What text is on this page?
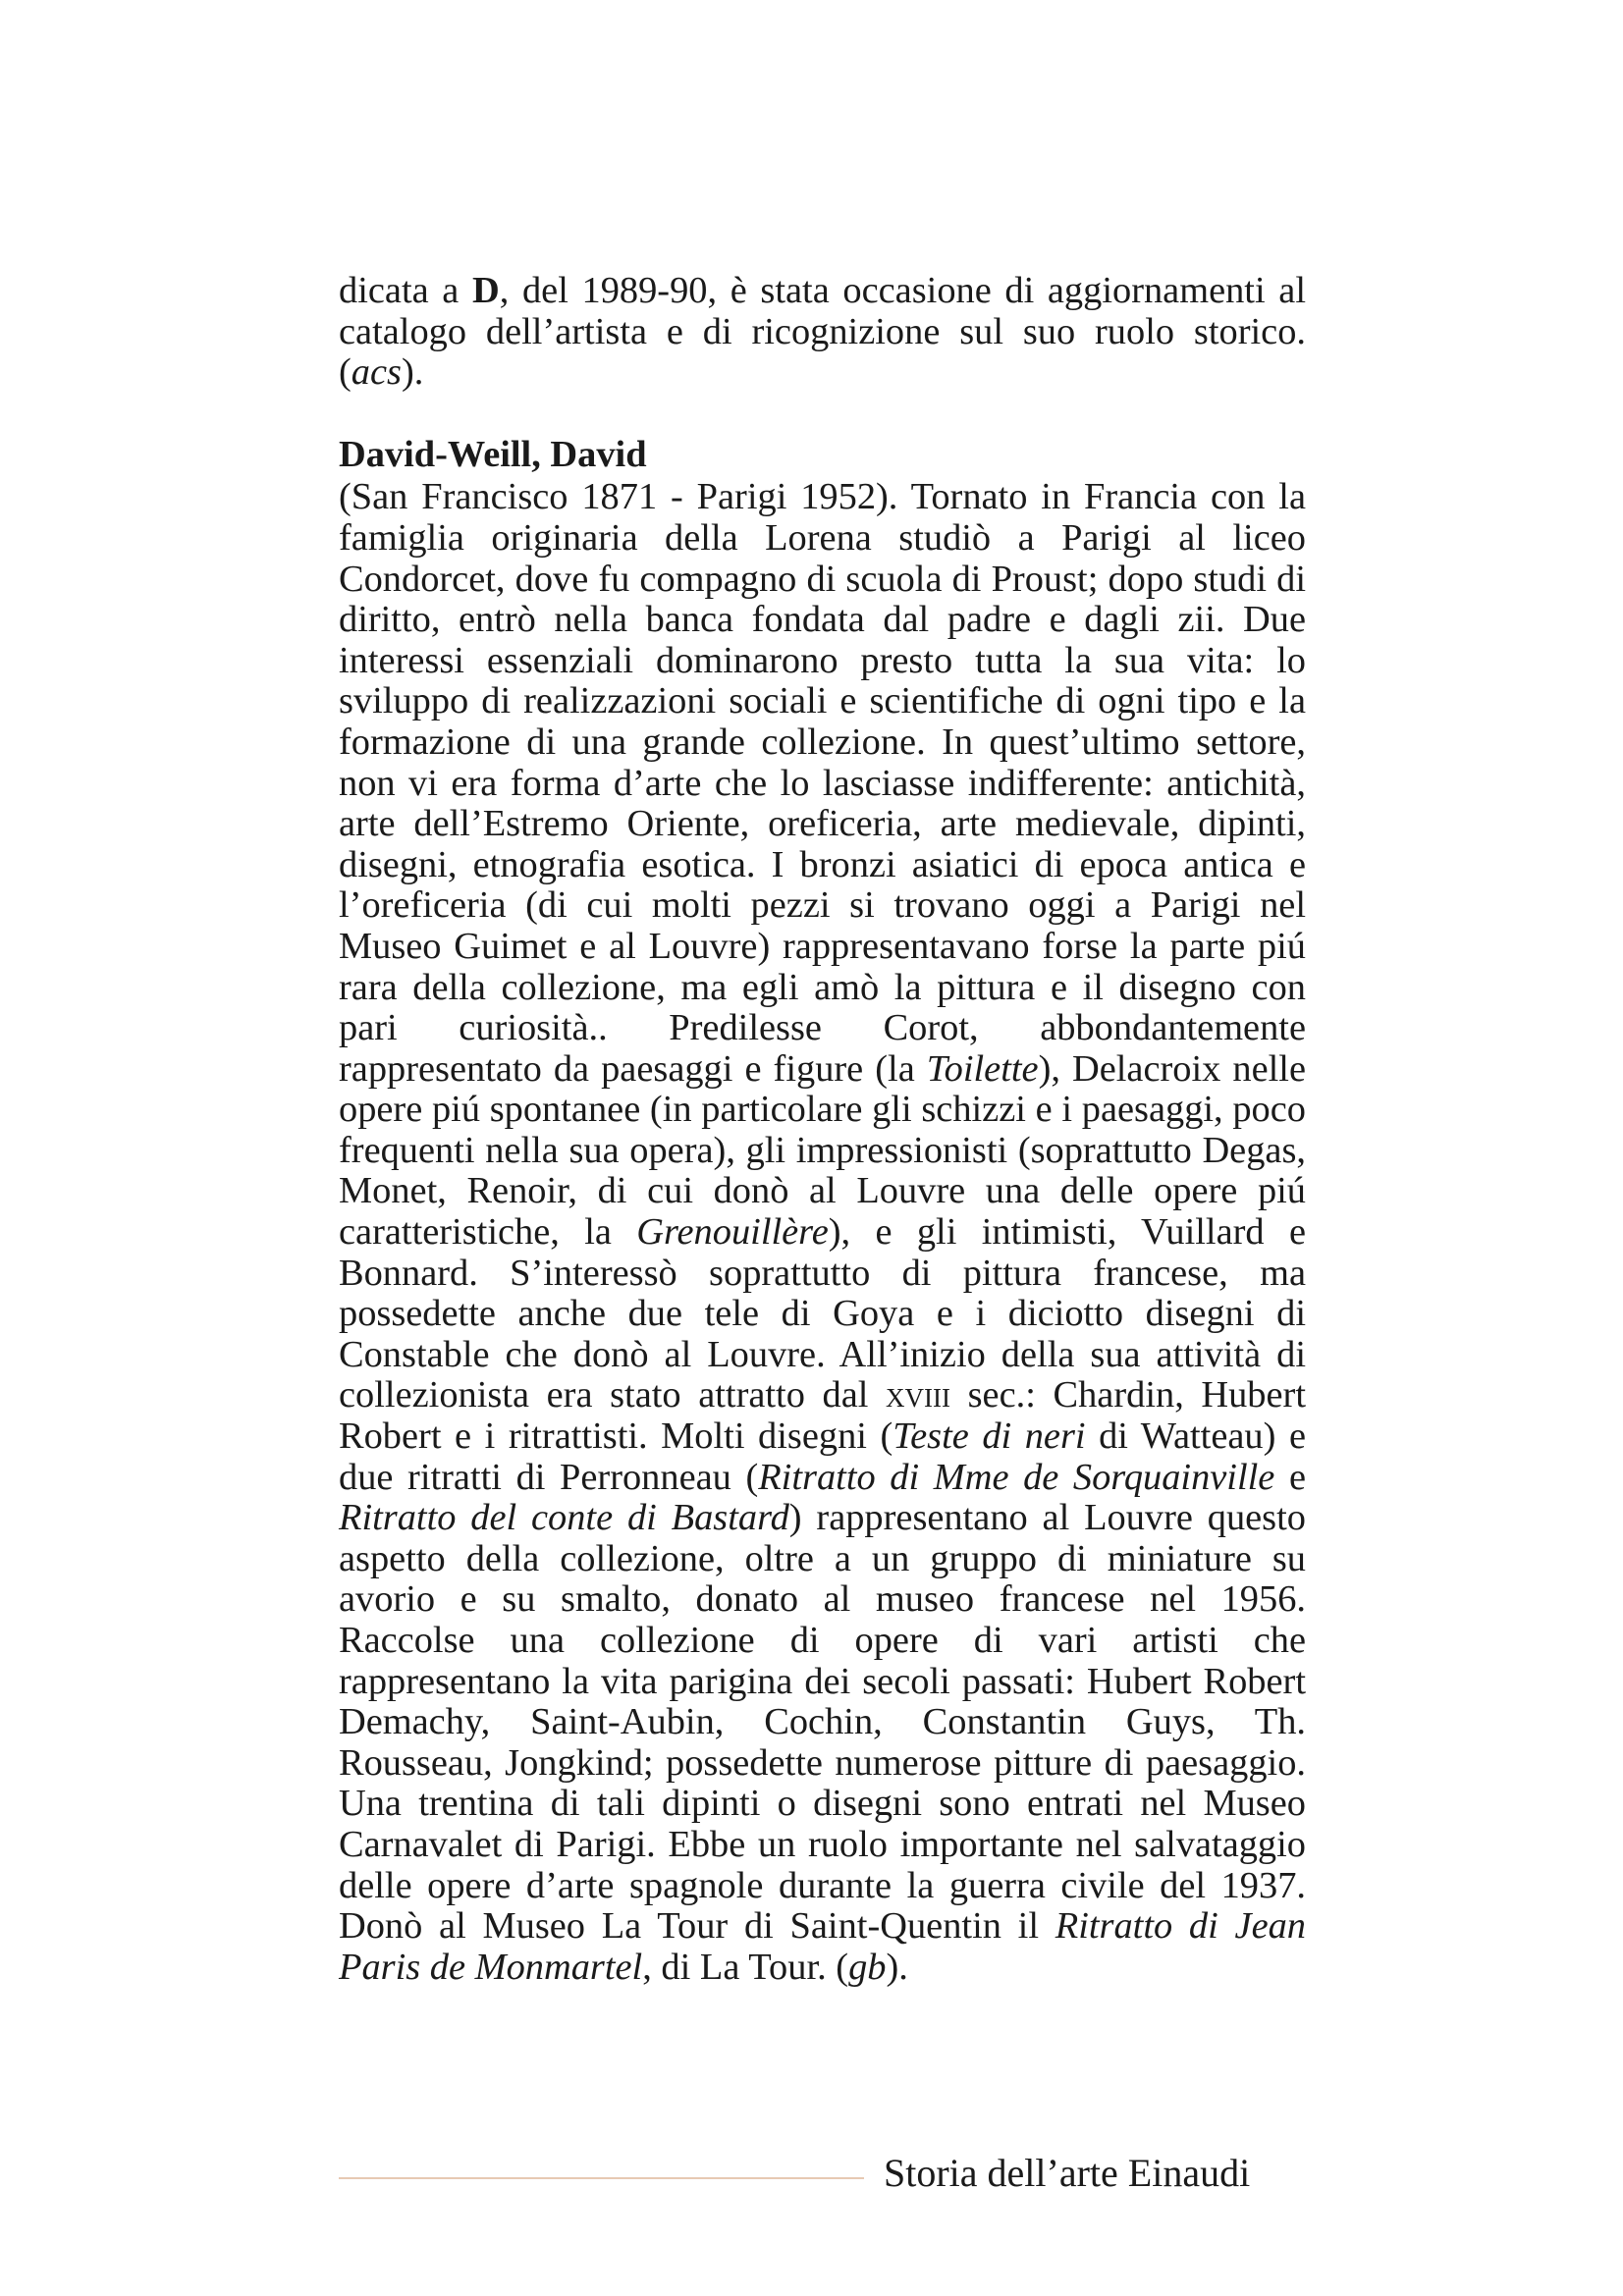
dicata a D, del 1989-90, è stata occasione di aggiornamenti al catalogo dell’artista e di ricognizione sul suo ruolo storico. (acs).

David-Weill, David

(San Francisco 1871 - Parigi 1952). Tornato in Francia con la famiglia originaria della Lorena studiò a Parigi al liceo Condorcet, dove fu compagno di scuola di Proust; dopo studi di diritto, entrò nella banca fondata dal padre e dagli zii. Due interessi essenziali dominarono presto tutta la sua vita: lo sviluppo di realizzazioni sociali e scientifiche di ogni tipo e la formazione di una grande collezione. In quest’ultimo settore, non vi era forma d’arte che lo lasciasse indifferente: antichità, arte dell’Estremo Oriente, oreficeria, arte medievale, dipinti, disegni, etnografia esotica. I bronzi asiatici di epoca antica e l’oreficeria (di cui molti pezzi si trovano oggi a Parigi nel Museo Guimet e al Louvre) rappresentavano forse la parte piú rara della collezione, ma egli amò la pittura e il disegno con pari curiosità.. Predilesse Corot, abbondantemente rappresentato da paesaggi e figure (la Toilette), Delacroix nelle opere piú spontanee (in particolare gli schizzi e i paesaggi, poco frequenti nella sua opera), gli impressionisti (soprattutto Degas, Monet, Renoir, di cui donò al Louvre una delle opere piú caratteristiche, la Grenouillère), e gli intimisti, Vuillard e Bonnard. S’interessò soprattutto di pittura francese, ma possedette anche due tele di Goya e i diciotto disegni di Constable che donò al Louvre. All’inizio della sua attività di collezionista era stato attratto dal xviii sec.: Chardin, Hubert Robert e i ritrattisti. Molti disegni (Teste di neri di Watteau) e due ritratti di Perronneau (Ritratto di Mme de Sorquainville e Ritratto del conte di Bastard) rappresentano al Louvre questo aspetto della collezione, oltre a un gruppo di miniature su avorio e su smalto, donato al museo francese nel 1956. Raccolse una collezione di opere di vari artisti che rappresentano la vita parigina dei secoli passati: Hubert Robert Demachy, Saint-Aubin, Cochin, Constantin Guys, Th. Rousseau, Jongkind; possedette numerose pitture di paesaggio. Una trentina di tali dipinti o disegni sono entrati nel Museo Carnavalet di Parigi. Ebbe un ruolo importante nel salvataggio delle opere d’arte spagnole durante la guerra civile del 1937. Donò al Museo La Tour di Saint-Quentin il Ritratto di Jean Paris de Monmartel, di La Tour. (gb).

Storia dell’arte Einaudi
